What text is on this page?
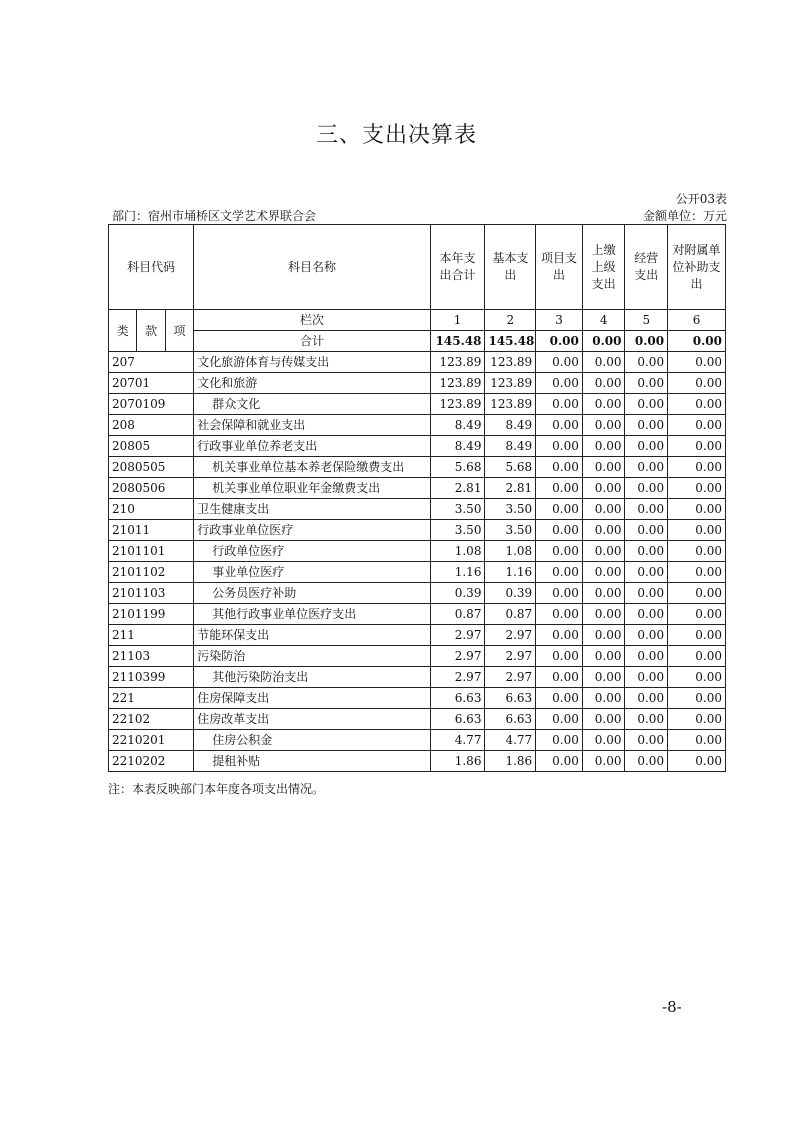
三、支出决算表
公开03表
部门：宿州市埇桥区文学艺术界联合会	金额单位：万元
科目代码			科目名称	本年支出合计	基本支出	项目支出	上缴上级支出	经营支出	对附属单位补助支出
类	款	项	栏次	1	2	3	4	5	6
			合计	145.48	145.48	0.00	0.00	0.00	0.00
207			文化旅游体育与传媒支出	123.89	123.89	0.00	0.00	0.00	0.00
20701			文化和旅游	123.89	123.89	0.00	0.00	0.00	0.00
2070109			群众文化	123.89	123.89	0.00	0.00	0.00	0.00
208			社会保障和就业支出	8.49	8.49	0.00	0.00	0.00	0.00
20805			行政事业单位养老支出	8.49	8.49	0.00	0.00	0.00	0.00
2080505			机关事业单位基本养老保险缴费支出	5.68	5.68	0.00	0.00	0.00	0.00
2080506			机关事业单位职业年金缴费支出	2.81	2.81	0.00	0.00	0.00	0.00
210			卫生健康支出	3.50	3.50	0.00	0.00	0.00	0.00
21011			行政事业单位医疗	3.50	3.50	0.00	0.00	0.00	0.00
2101101			行政单位医疗	1.08	1.08	0.00	0.00	0.00	0.00
2101102			事业单位医疗	1.16	1.16	0.00	0.00	0.00	0.00
2101103			公务员医疗补助	0.39	0.39	0.00	0.00	0.00	0.00
2101199			其他行政事业单位医疗支出	0.87	0.87	0.00	0.00	0.00	0.00
211			节能环保支出	2.97	2.97	0.00	0.00	0.00	0.00
21103			污染防治	2.97	2.97	0.00	0.00	0.00	0.00
2110399			其他污染防治支出	2.97	2.97	0.00	0.00	0.00	0.00
221			住房保障支出	6.63	6.63	0.00	0.00	0.00	0.00
22102			住房改革支出	6.63	6.63	0.00	0.00	0.00	0.00
2210201			住房公积金	4.77	4.77	0.00	0.00	0.00	0.00
2210202			提租补贴	1.86	1.86	0.00	0.00	0.00	0.00
注：本表反映部门本年度各项支出情况。
-8-
